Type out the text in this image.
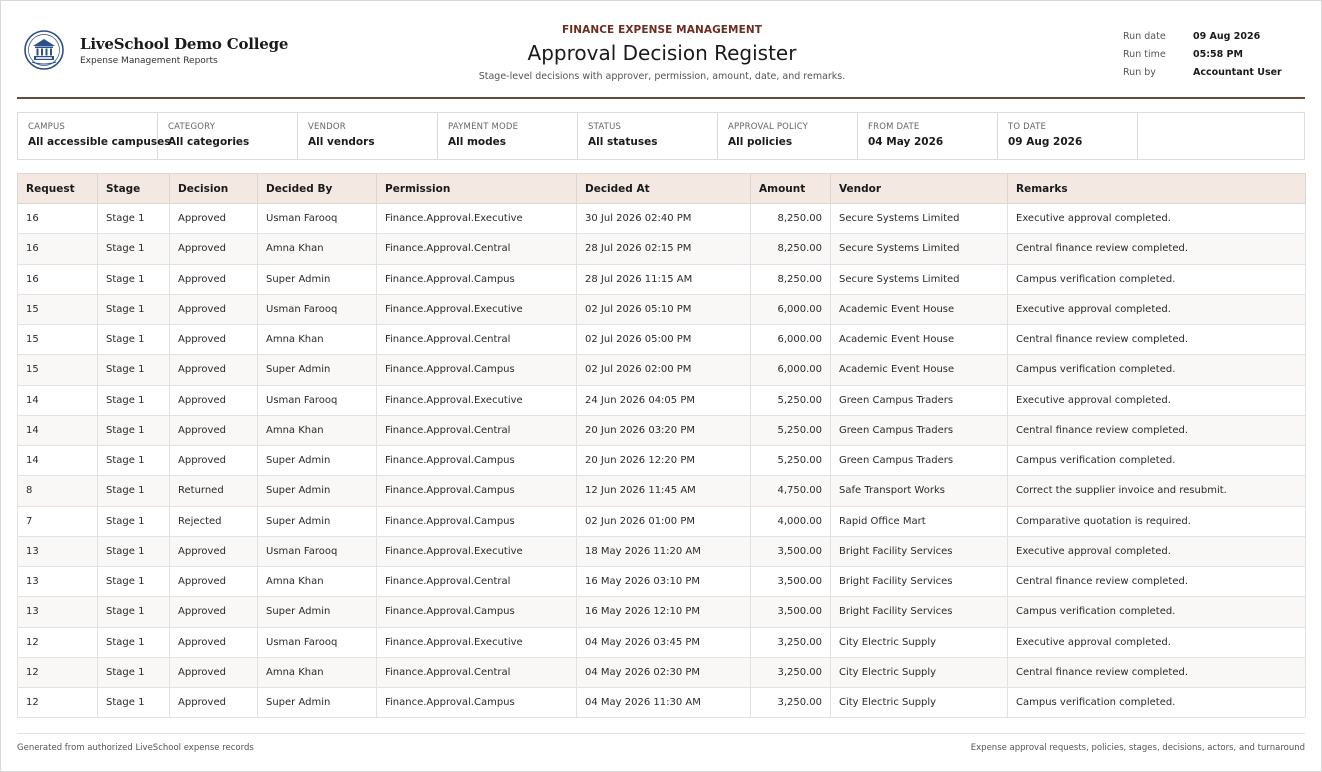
LiveSchool Demo College
Expense Management Reports
FINANCE EXPENSE MANAGEMENT
Approval Decision Register
Stage-level decisions with approver, permission, amount, date, and remarks.
Run date	09 Aug 2026
Run time	05:58 PM
Run by	Accountant User
CAMPUS
All accessible campuses
CATEGORY
All categories
VENDOR
All vendors
PAYMENT MODE
All modes
STATUS
All statuses
APPROVAL POLICY
All policies
FROM DATE
04 May 2026
TO DATE
09 Aug 2026
Request	Stage	Decision	Decided By	Permission	Decided At	Amount	Vendor	Remarks
16	Stage 1	Approved	Usman Farooq	Finance.Approval.Executive	30 Jul 2026 02:40 PM	8,250.00	Secure Systems Limited	Executive approval completed.
16	Stage 1	Approved	Amna Khan	Finance.Approval.Central	28 Jul 2026 02:15 PM	8,250.00	Secure Systems Limited	Central finance review completed.
16	Stage 1	Approved	Super Admin	Finance.Approval.Campus	28 Jul 2026 11:15 AM	8,250.00	Secure Systems Limited	Campus verification completed.
15	Stage 1	Approved	Usman Farooq	Finance.Approval.Executive	02 Jul 2026 05:10 PM	6,000.00	Academic Event House	Executive approval completed.
15	Stage 1	Approved	Amna Khan	Finance.Approval.Central	02 Jul 2026 05:00 PM	6,000.00	Academic Event House	Central finance review completed.
15	Stage 1	Approved	Super Admin	Finance.Approval.Campus	02 Jul 2026 02:00 PM	6,000.00	Academic Event House	Campus verification completed.
14	Stage 1	Approved	Usman Farooq	Finance.Approval.Executive	24 Jun 2026 04:05 PM	5,250.00	Green Campus Traders	Executive approval completed.
14	Stage 1	Approved	Amna Khan	Finance.Approval.Central	20 Jun 2026 03:20 PM	5,250.00	Green Campus Traders	Central finance review completed.
14	Stage 1	Approved	Super Admin	Finance.Approval.Campus	20 Jun 2026 12:20 PM	5,250.00	Green Campus Traders	Campus verification completed.
8	Stage 1	Returned	Super Admin	Finance.Approval.Campus	12 Jun 2026 11:45 AM	4,750.00	Safe Transport Works	Correct the supplier invoice and resubmit.
7	Stage 1	Rejected	Super Admin	Finance.Approval.Campus	02 Jun 2026 01:00 PM	4,000.00	Rapid Office Mart	Comparative quotation is required.
13	Stage 1	Approved	Usman Farooq	Finance.Approval.Executive	18 May 2026 11:20 AM	3,500.00	Bright Facility Services	Executive approval completed.
13	Stage 1	Approved	Amna Khan	Finance.Approval.Central	16 May 2026 03:10 PM	3,500.00	Bright Facility Services	Central finance review completed.
13	Stage 1	Approved	Super Admin	Finance.Approval.Campus	16 May 2026 12:10 PM	3,500.00	Bright Facility Services	Campus verification completed.
12	Stage 1	Approved	Usman Farooq	Finance.Approval.Executive	04 May 2026 03:45 PM	3,250.00	City Electric Supply	Executive approval completed.
12	Stage 1	Approved	Amna Khan	Finance.Approval.Central	04 May 2026 02:30 PM	3,250.00	City Electric Supply	Central finance review completed.
12	Stage 1	Approved	Super Admin	Finance.Approval.Campus	04 May 2026 11:30 AM	3,250.00	City Electric Supply	Campus verification completed.
Generated from authorized LiveSchool expense records	Expense approval requests, policies, stages, decisions, actors, and turnaround
